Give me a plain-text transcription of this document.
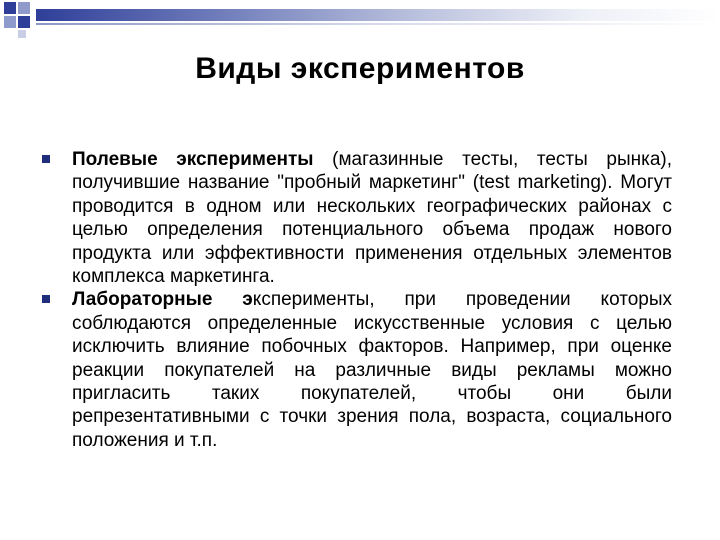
Виды экспериментов
Полевые эксперименты (магазинные тесты, тесты рынка), получившие название "пробный маркетинг" (test marketing). Могут проводится в одном или нескольких географических районах с целью определения потенциального объема продаж нового продукта или эффективности применения отдельных элементов комплекса маркетинга.
Лабораторные эксперименты, при проведении которых соблюдаются определенные искусственные условия с целью исключить влияние побочных факторов. Например, при оценке реакции покупателей на различные виды рекламы можно пригласить таких покупателей, чтобы они были репрезентативными с точки зрения пола, возраста, социального положения и т.п.
